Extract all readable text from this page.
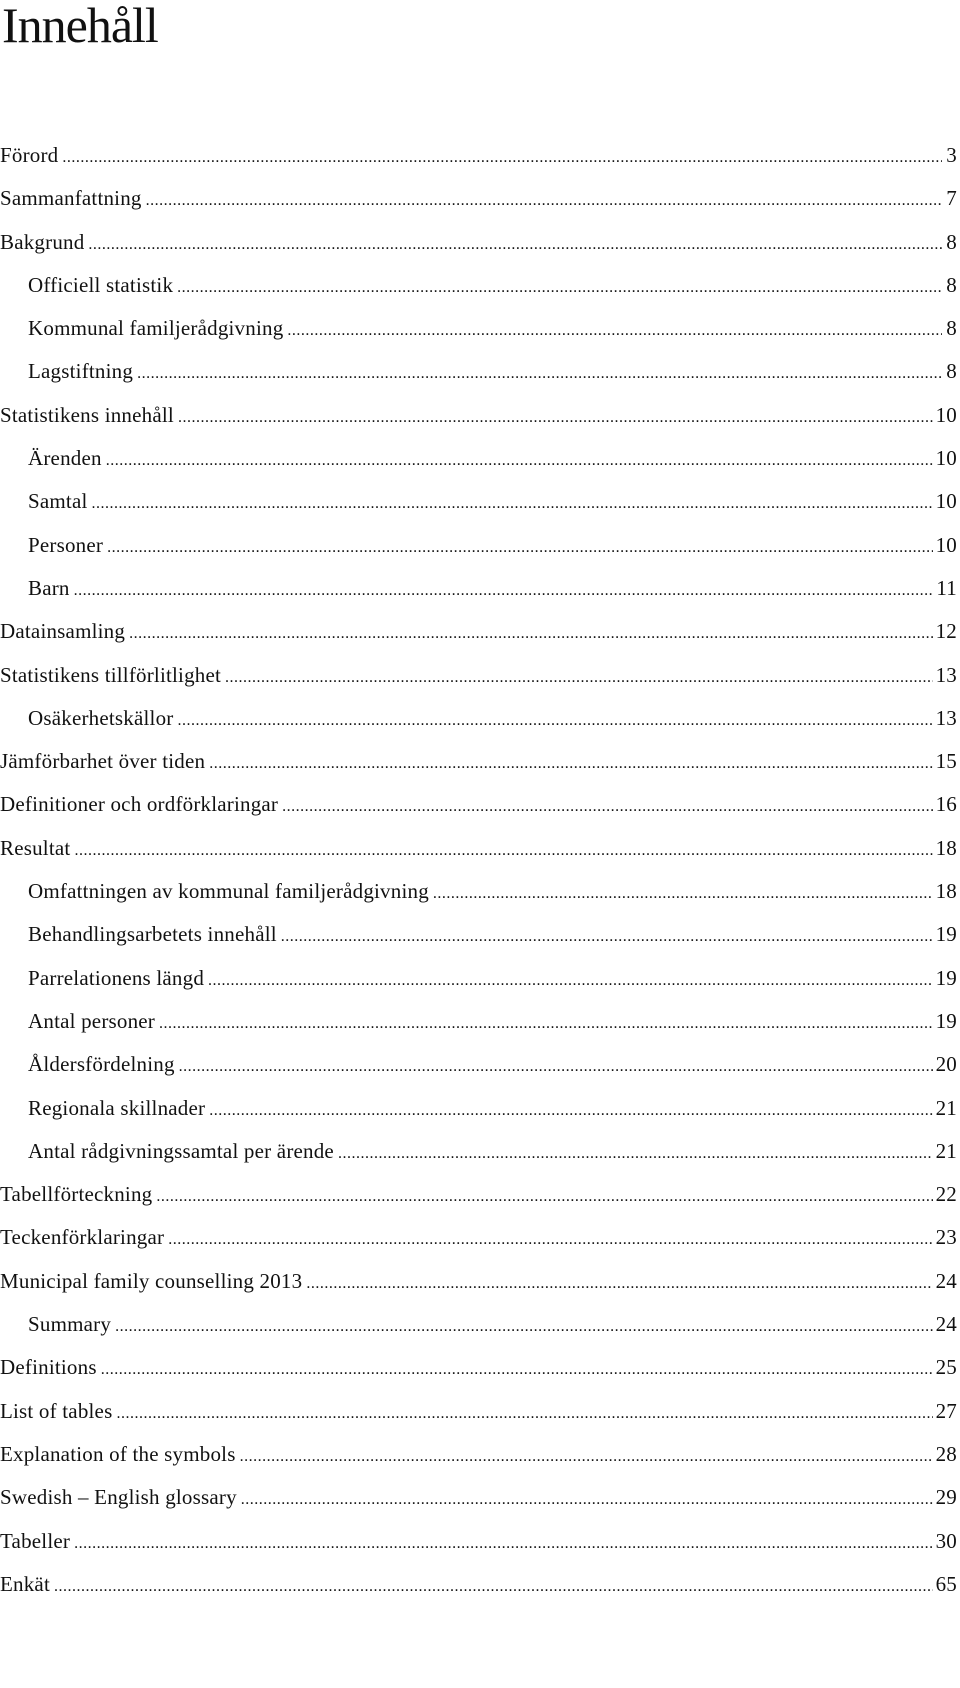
Innehåll
Förord .....	3
Sammanfattning .....	7
Bakgrund .....	8
Officiell statistik .....	8
Kommunal familjerådgivning .....	8
Lagstiftning .....	8
Statistikens innehåll .....	10
Ärenden .....	10
Samtal .....	10
Personer .....	10
Barn .....	11
Datainsamling .....	12
Statistikens tillförlitlighet .....	13
Osäkerhetskällor .....	13
Jämförbarhet över tiden .....	15
Definitioner och ordförklaringar .....	16
Resultat .....	18
Omfattningen av kommunal familjerådgivning .....	18
Behandlingsarbetets innehåll .....	19
Parrelationens längd .....	19
Antal personer .....	19
Åldersfördelning .....	20
Regionala skillnader .....	21
Antal rådgivningssamtal per ärende .....	21
Tabellförteckning .....	22
Teckenförklaringar .....	23
Municipal family counselling 2013 .....	24
Summary .....	24
Definitions .....	25
List of tables .....	27
Explanation of the symbols .....	28
Swedish – English glossary .....	29
Tabeller .....	30
Enkät .....	65
